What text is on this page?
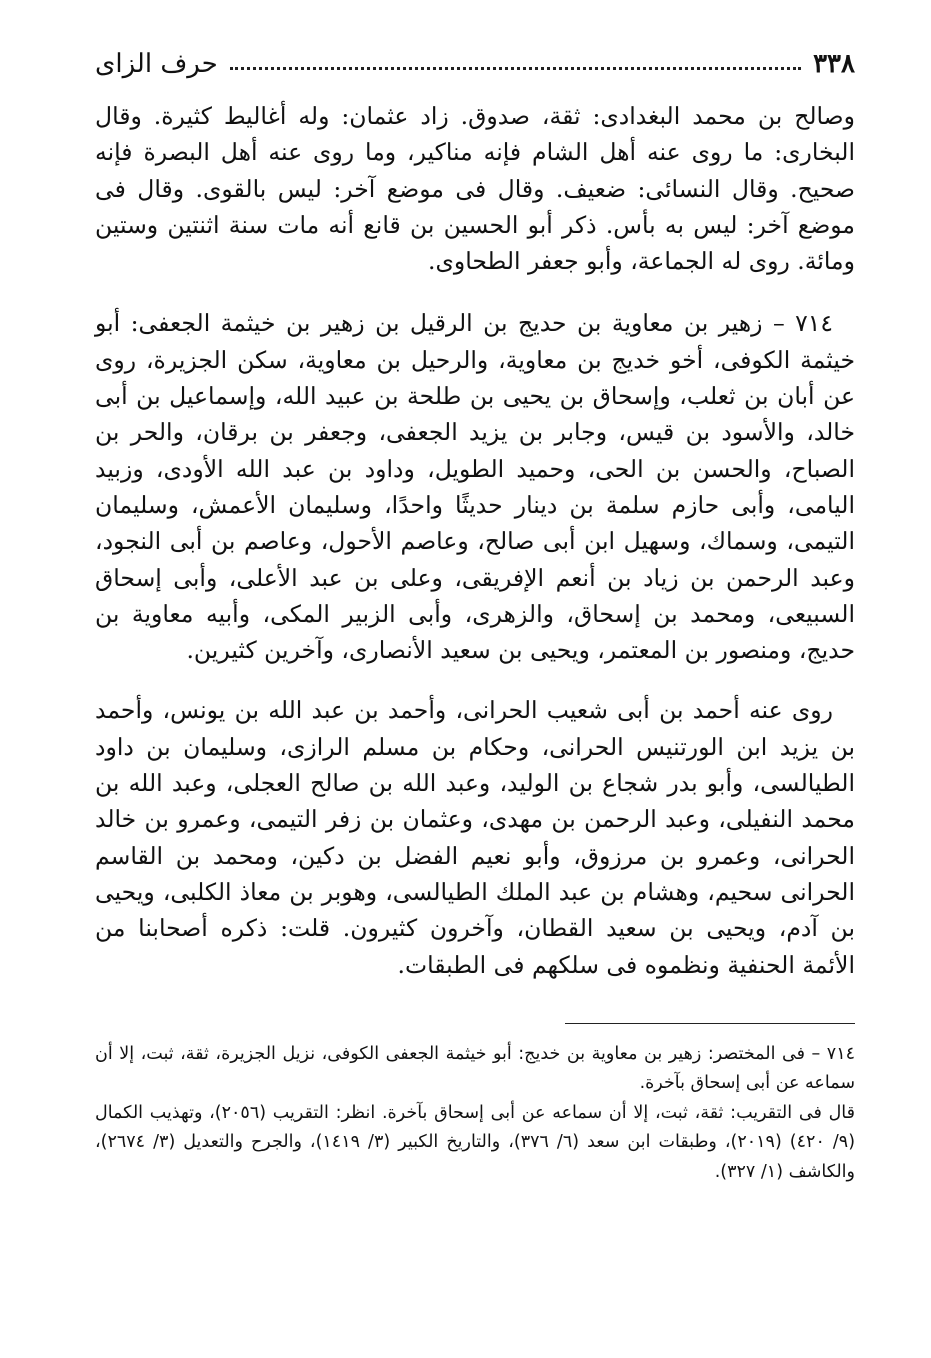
٣٣٨
حرف الزاى

وصالح بن محمد البغدادى: ثقة، صدوق. زاد عثمان: وله أغاليط كثيرة. وقال البخارى: ما روى عنه أهل الشام فإنه مناكير، وما روى عنه أهل البصرة فإنه صحيح. وقال النسائى: ضعيف. وقال فى موضع آخر: ليس بالقوى. وقال فى موضع آخر: ليس به بأس. ذكر أبو الحسين بن قانع أنه مات سنة اثنتين وستين ومائة. روى له الجماعة، وأبو جعفر الطحاوى.

٧١٤ – زهير بن معاوية بن حديج بن الرقيل بن زهير بن خيثمة الجعفى: أبو خيثمة الكوفى، أخو خديج بن معاوية، والرحيل بن معاوية، سكن الجزيرة، روى عن أبان بن ثعلب، وإسحاق بن يحيى بن طلحة بن عبيد الله، وإسماعيل بن أبى خالد، والأسود بن قيس، وجابر بن يزيد الجعفى، وجعفر بن برقان، والحر بن الصباح، والحسن بن الحى، وحميد الطويل، وداود بن عبد الله الأودى، وزبيد اليامى، وأبى حازم سلمة بن دينار حديثًا واحدًا، وسليمان الأعمش، وسليمان التيمى، وسماك، وسهيل ابن أبى صالح، وعاصم الأحول، وعاصم بن أبى النجود، وعبد الرحمن بن زياد بن أنعم الإفريقى، وعلى بن عبد الأعلى، وأبى إسحاق السبيعى، ومحمد بن إسحاق، والزهرى، وأبى الزبير المكى، وأبيه معاوية بن حديج، ومنصور بن المعتمر، ويحيى بن سعيد الأنصارى، وآخرين كثيرين.

روى عنه أحمد بن أبى شعيب الحرانى، وأحمد بن عبد الله بن يونس، وأحمد بن يزيد ابن الورتنيس الحرانى، وحكام بن مسلم الرازى، وسليمان بن داود الطيالسى، وأبو بدر شجاع بن الوليد، وعبد الله بن صالح العجلى، وعبد الله بن محمد النفيلى، وعبد الرحمن بن مهدى، وعثمان بن زفر التيمى، وعمرو بن خالد الحرانى، وعمرو بن مرزوق، وأبو نعيم الفضل بن دكين، ومحمد بن القاسم الحرانى سحيم، وهشام بن عبد الملك الطيالسى، وهوبر بن معاذ الكلبى، ويحيى بن آدم، ويحيى بن سعيد القطان، وآخرون كثيرون. قلت: ذكره أصحابنا من الأئمة الحنفية ونظموه فى سلكهم فى الطبقات.

٧١٤ – فى المختصر: زهير بن معاوية بن خديج: أبو خيثمة الجعفى الكوفى، نزيل الجزيرة، ثقة، ثبت، إلا أن سماعه عن أبى إسحاق بآخرة.

قال فى التقريب: ثقة، ثبت، إلا أن سماعه عن أبى إسحاق بآخرة. انظر: التقريب (٢٠٥٦)، وتهذيب الكمال (٩/ ٤٢٠) (٢٠١٩)، وطبقات ابن سعد (٦/ ٣٧٦)، والتاريخ الكبير (٣/ ١٤١٩)، والجرح والتعديل (٣/ ٢٦٧٤)، والكاشف (١/ ٣٢٧).
